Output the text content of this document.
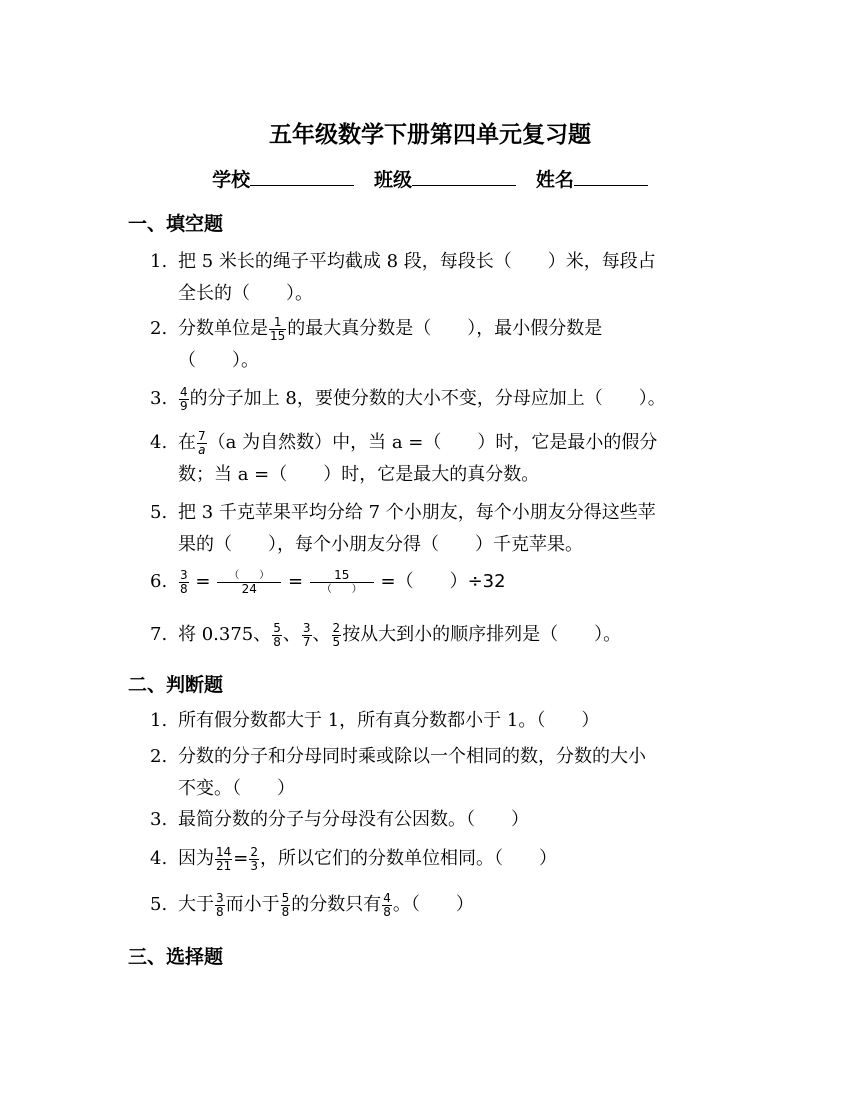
五年级数学下册第四单元复习题
学校	班级	姓名
一、填空题
1. 把 5 米长的绳子平均截成 8 段，每段长（　　）米，每段占
全长的（　　）。
2. 分数单位是 $\frac{1}{15}$ 的最大真分数是（　　），最小假分数是
（　　）。
3. $\frac{4}{9}$ 的分子加上 8，要使分数的大小不变，分母应加上（　　）。
4. 在 $\frac{7}{a} (a$ 为自然数）中，当 a =（　　）时，它是最小的假分
数；当 a =（　　）时，它是最大的真分数。
5. 把 3 千克苹果平均分给 7 个小朋友，每个小朋友分得这些苹
果的（　　），每个小朋友分得（　　）千克苹果。
6. $\frac{3}{8} = \frac{( )}{24} = \frac{15}{( )}$ =（　　）÷32
7. 将 0.375、 $\frac{5}{8}$ 、 $\frac{3}{7}$ 、 $\frac{2}{5}$ 按从大到小的顺序排列是（　　）。
二、判断题
1. 所有假分数都大于 1，所有真分数都小于 1。（　　）
2. 分数的分子和分母同时乘或除以一个相同的数，分数的大小
不变。（　　）
3. 最简分数的分子与分母没有公因数。（　　）
4. 因为 $\frac{14}{21} = \frac{2}{3}$ ，所以它们的分数单位相同。（　　）
5. 大于 $\frac{3}{8}$ 而小于 $\frac{5}{8}$ 的分数只有 $\frac{4}{8}$ 。（　　）
三、选择题
